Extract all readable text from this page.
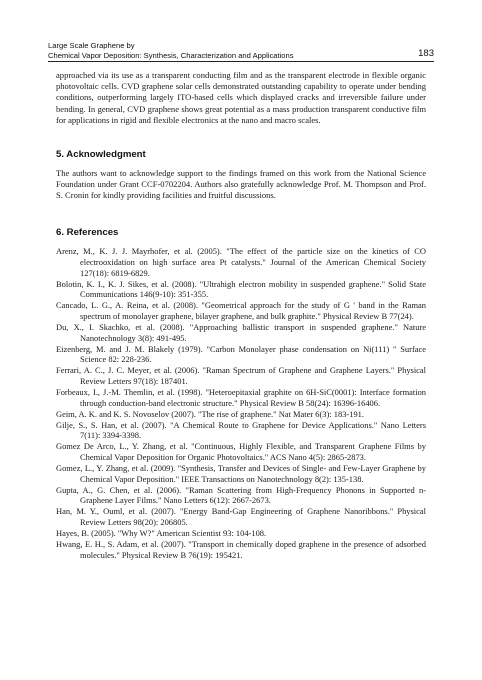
Large Scale Graphene by
Chemical Vapor Deposition: Synthesis, Characterization and Applications	183

approached via its use as a transparent conducting film and as the transparent electrode in flexible organic photovoltaic cells. CVD graphene solar cells demonstrated outstanding capability to operate under bending conditions, outperforming largely ITO-based cells which displayed cracks and irreversible failure under bending. In general, CVD graphene shows great potential as a mass production transparent conductive film for applications in rigid and flexible electronics at the nano and macro scales.

5. Acknowledgment

The authors want to acknowledge support to the findings framed on this work from the National Science Foundation under Grant CCF-0702204. Authors also gratefully acknowledge Prof. M. Thompson and Prof. S. Cronin for kindly providing facilities and fruitful discussions.

6. References
Arenz, M., K. J. J. Mayrhofer, et al. (2005). "The effect of the particle size on the kinetics of CO electrooxidation on high surface area Pt catalysts." Journal of the American Chemical Society 127(18): 6819-6829.
Bolotin, K. I., K. J. Sikes, et al. (2008). "Ultrahigh electron mobility in suspended graphene." Solid State Communications 146(9-10): 351-355.
Cancado, L. G., A. Reina, et al. (2008). "Geometrical approach for the study of G ' band in the Raman spectrum of monolayer graphene, bilayer graphene, and bulk graphite." Physical Review B 77(24).
Du, X., I. Skachko, et al. (2008). "Approaching ballistic transport in suspended graphene." Nature Nanotechnology 3(8): 491-495.
Eizenberg, M. and J. M. Blakely (1979). "Carbon Monolayer phase condensation on Ni(111) " Surface Science 82: 228-236.
Ferrari, A. C., J. C. Meyer, et al. (2006). "Raman Spectrum of Graphene and Graphene Layers." Physical Review Letters 97(18): 187401.
Forbeaux, I., J.-M. Themlin, et al. (1998). "Heteroepitaxial graphite on 6H-SiC(0001): Interface formation through conduction-band electronic structure." Physical Review B 58(24): 16396-16406.
Geim, A. K. and K. S. Novoselov (2007). "The rise of graphene." Nat Mater 6(3): 183-191.
Gilje, S., S. Han, et al. (2007). "A Chemical Route to Graphene for Device Applications." Nano Letters 7(11): 3394-3398.
Gomez De Arco, L., Y. Zhang, et al. "Continuous, Highly Flexible, and Transparent Graphene Films by Chemical Vapor Deposition for Organic Photovoltaics." ACS Nano 4(5): 2865-2873.
Gomez, L., Y. Zhang, et al. (2009). "Synthesis, Transfer and Devices of Single- and Few-Layer Graphene by Chemical Vapor Deposition." IEEE Transactions on Nanotechnology 8(2): 135-138.
Gupta, A., G. Chen, et al. (2006). "Raman Scattering from High-Frequency Phonons in Supported n-Graphene Layer Films." Nano Letters 6(12): 2667-2673.
Han, M. Y., Ouml, et al. (2007). "Energy Band-Gap Engineering of Graphene Nanoribbons." Physical Review Letters 98(20): 206805.
Hayes, B. (2005). "Why W?" American Scientist 93: 104-108.
Hwang, E. H., S. Adam, et al. (2007). "Transport in chemically doped graphene in the presence of adsorbed molecules." Physical Review B 76(19): 195421.
